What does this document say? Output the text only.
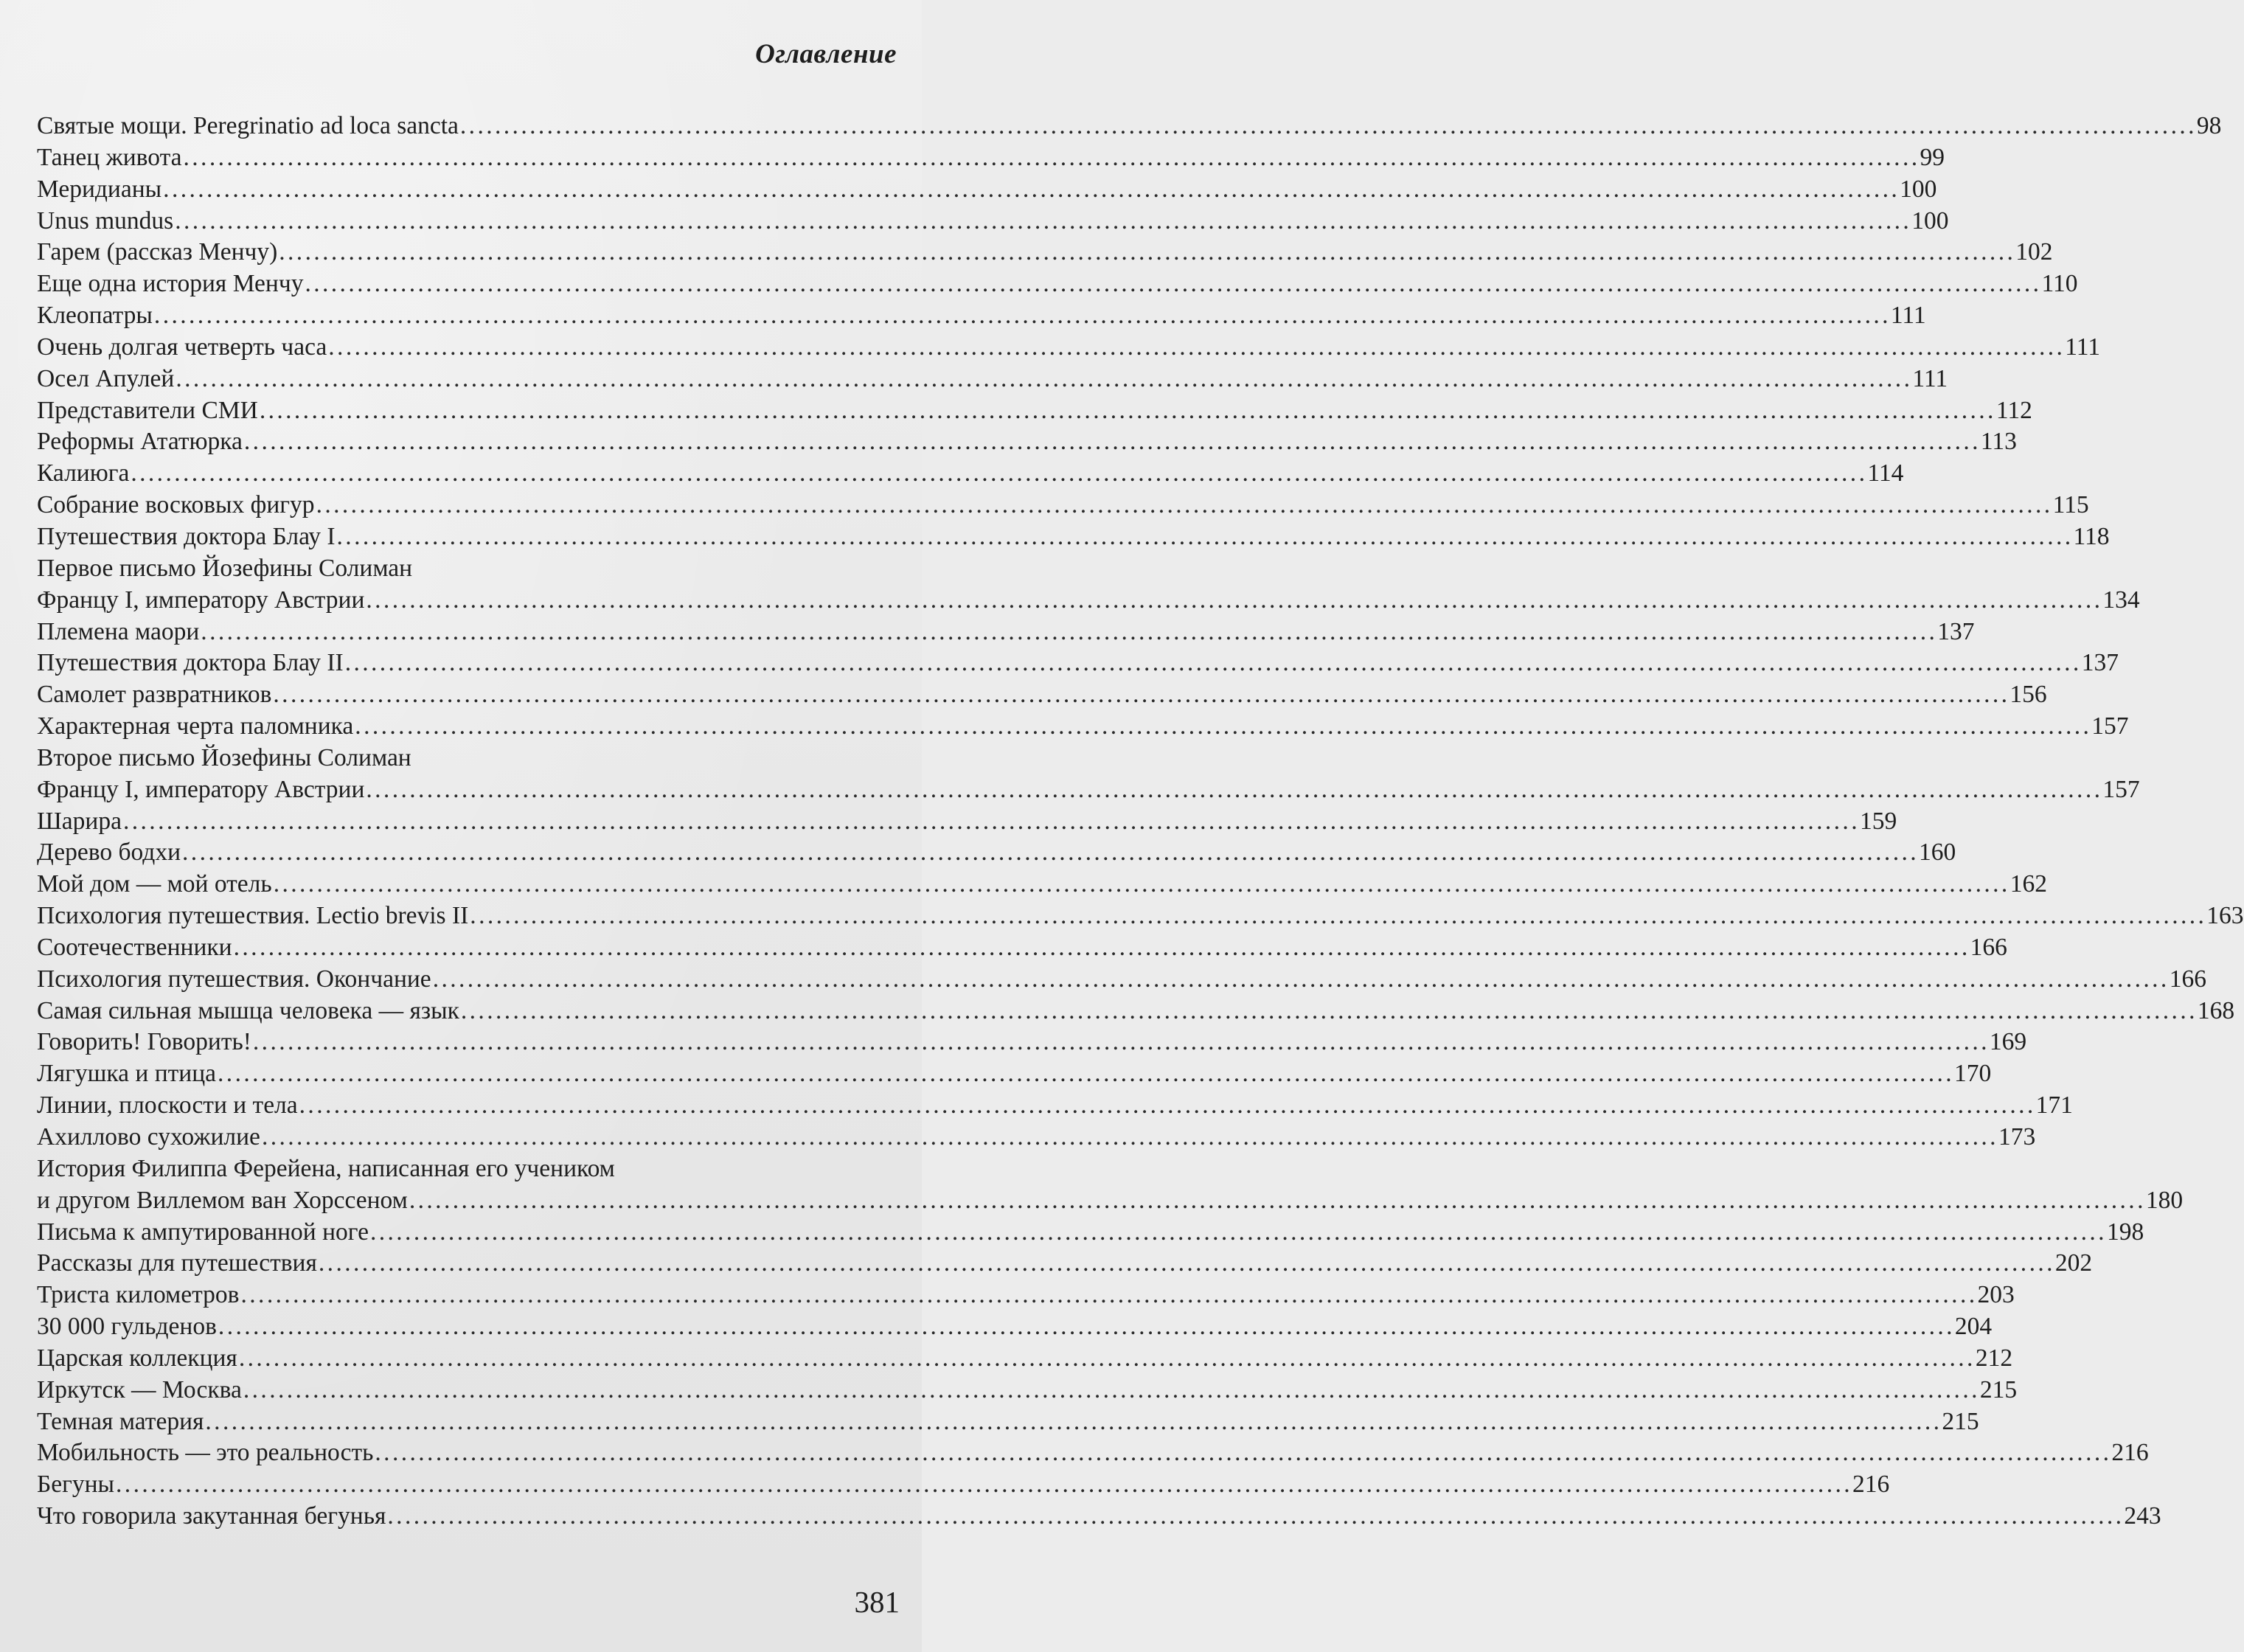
Оглавление
Святые мощи. Peregrinatio ad loca sancta ........................................................................................................................................................................................................ 98
Танец живота ........................................................................................................................................................................................................ 99
Меридианы ........................................................................................................................................................................................................ 100
Unus mundus ........................................................................................................................................................................................................ 100
Гарем (рассказ Менчу) ........................................................................................................................................................................................................ 102
Еще одна история Менчу ........................................................................................................................................................................................................ 110
Клеопатры ........................................................................................................................................................................................................ 111
Очень долгая четверть часа ........................................................................................................................................................................................................ 111
Осел Апулей ........................................................................................................................................................................................................ 111
Представители СМИ ........................................................................................................................................................................................................ 112
Реформы Ататюрка ........................................................................................................................................................................................................ 113
Калиюга ........................................................................................................................................................................................................ 114
Собрание восковых фигур ........................................................................................................................................................................................................ 115
Путешествия доктора Блау I ........................................................................................................................................................................................................ 118
Первое письмо Йозефины Солиман
Францу I, императору Австрии ........................................................................................................................................................................................................ 134
Племена маори ........................................................................................................................................................................................................ 137
Путешествия доктора Блау II ........................................................................................................................................................................................................ 137
Самолет развратников ........................................................................................................................................................................................................ 156
Характерная черта паломника ........................................................................................................................................................................................................ 157
Второе письмо Йозефины Солиман
Францу I, императору Австрии ........................................................................................................................................................................................................ 157
Шарира ........................................................................................................................................................................................................ 159
Дерево бодхи ........................................................................................................................................................................................................ 160
Мой дом — мой отель ........................................................................................................................................................................................................ 162
Психология путешествия. Lectio brevis II ........................................................................................................................................................................................................ 163
Соотечественники ........................................................................................................................................................................................................ 166
Психология путешествия. Окончание ........................................................................................................................................................................................................ 166
Самая сильная мышца человека — язык ........................................................................................................................................................................................................ 168
Говорить! Говорить! ........................................................................................................................................................................................................ 169
Лягушка и птица ........................................................................................................................................................................................................ 170
Линии, плоскости и тела ........................................................................................................................................................................................................ 171
Ахиллово сухожилие ........................................................................................................................................................................................................ 173
История Филиппа Ферейена, написанная его учеником
и другом Виллемом ван Хорссеном ........................................................................................................................................................................................................ 180
Письма к ампутированной ноге ........................................................................................................................................................................................................ 198
Рассказы для путешествия ........................................................................................................................................................................................................ 202
Триста километров ........................................................................................................................................................................................................ 203
30 000 гульденов ........................................................................................................................................................................................................ 204
Царская коллекция ........................................................................................................................................................................................................ 212
Иркутск — Москва ........................................................................................................................................................................................................ 215
Темная материя ........................................................................................................................................................................................................ 215
Мобильность — это реальность ........................................................................................................................................................................................................ 216
Бегуны ........................................................................................................................................................................................................ 216
Что говорила закутанная бегунья ........................................................................................................................................................................................................ 243
381
